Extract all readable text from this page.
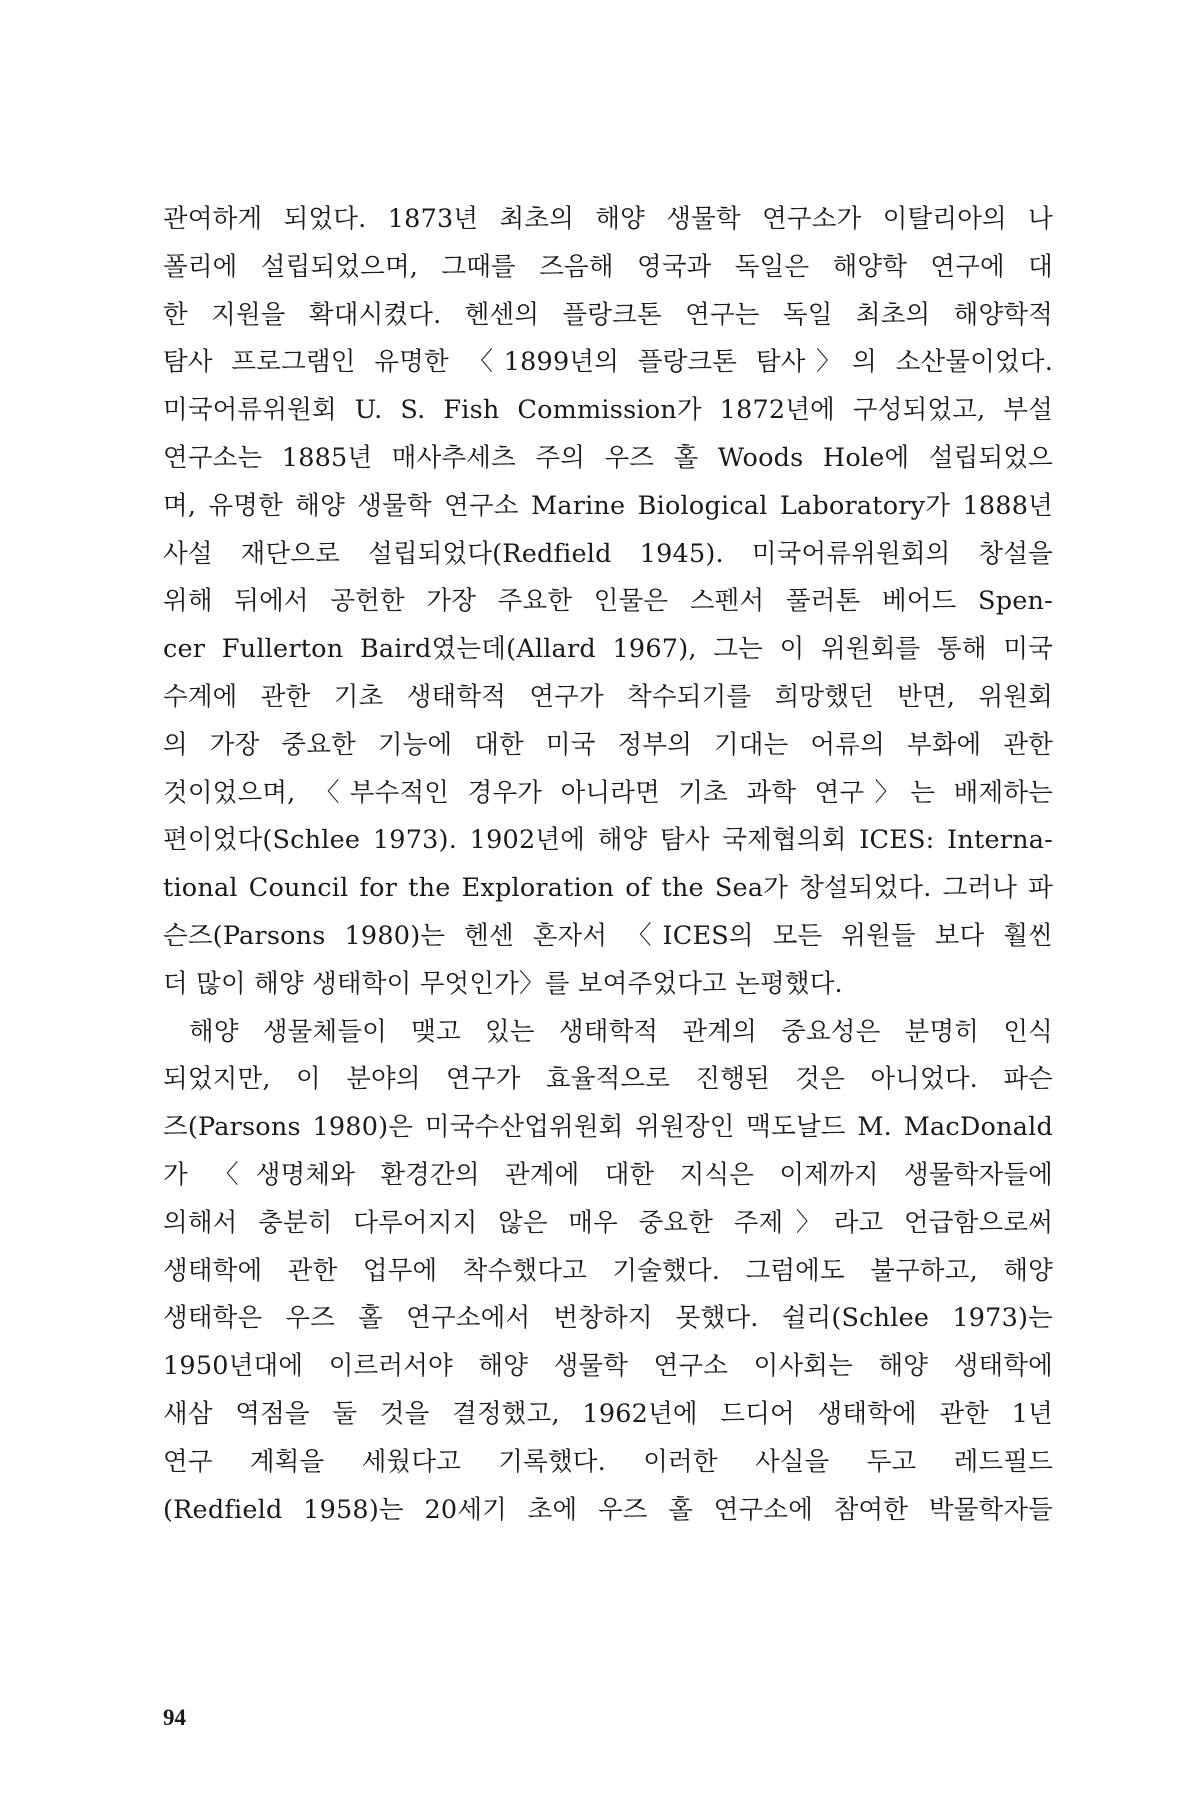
관여하게 되었다. 1873년 최초의 해양 생물학 연구소가 이탈리아의 나
폴리에 설립되었으며, 그때를 즈음해 영국과 독일은 해양학 연구에 대
한 지원을 확대시켰다. 헨센의 플랑크톤 연구는 독일 최초의 해양학적
탐사 프로그램인 유명한 〈1899년의 플랑크톤 탐사〉의 소산물이었다.
미국어류위원회 U. S. Fish Commission가 1872년에 구성되었고, 부설
연구소는 1885년 매사추세츠 주의 우즈 홀 Woods Hole에 설립되었으
며, 유명한 해양 생물학 연구소 Marine Biological Laboratory가 1888년
사설 재단으로 설립되었다(Redfield 1945). 미국어류위원회의 창설을
위해 뒤에서 공헌한 가장 주요한 인물은 스펜서 풀러톤 베어드 Spen-
cer Fullerton Baird였는데(Allard 1967), 그는 이 위원회를 통해 미국
수계에 관한 기초 생태학적 연구가 착수되기를 희망했던 반면, 위원회
의 가장 중요한 기능에 대한 미국 정부의 기대는 어류의 부화에 관한
것이었으며, 〈부수적인 경우가 아니라면 기초 과학 연구〉는 배제하는
편이었다(Schlee 1973). 1902년에 해양 탐사 국제협의회 ICES: Interna-
tional Council for the Exploration of the Sea가 창설되었다. 그러나 파
슨즈(Parsons 1980)는 헨센 혼자서 〈ICES의 모든 위원들 보다 훨씬
더 많이 해양 생태학이 무엇인가〉를 보여주었다고 논평했다.
해양 생물체들이 맺고 있는 생태학적 관계의 중요성은 분명히 인식
되었지만, 이 분야의 연구가 효율적으로 진행된 것은 아니었다. 파슨
즈(Parsons 1980)은 미국수산업위원회 위원장인 맥도날드 M. MacDonald
가 〈생명체와 환경간의 관계에 대한 지식은 이제까지 생물학자들에
의해서 충분히 다루어지지 않은 매우 중요한 주제〉라고 언급함으로써
생태학에 관한 업무에 착수했다고 기술했다. 그럼에도 불구하고, 해양
생태학은 우즈 홀 연구소에서 번창하지 못했다. 쉴리(Schlee 1973)는
1950년대에 이르러서야 해양 생물학 연구소 이사회는 해양 생태학에
새삼 역점을 둘 것을 결정했고, 1962년에 드디어 생태학에 관한 1년
연구 계획을 세웠다고 기록했다. 이러한 사실을 두고 레드필드
(Redfield 1958)는 20세기 초에 우즈 홀 연구소에 참여한 박물학자들
94
